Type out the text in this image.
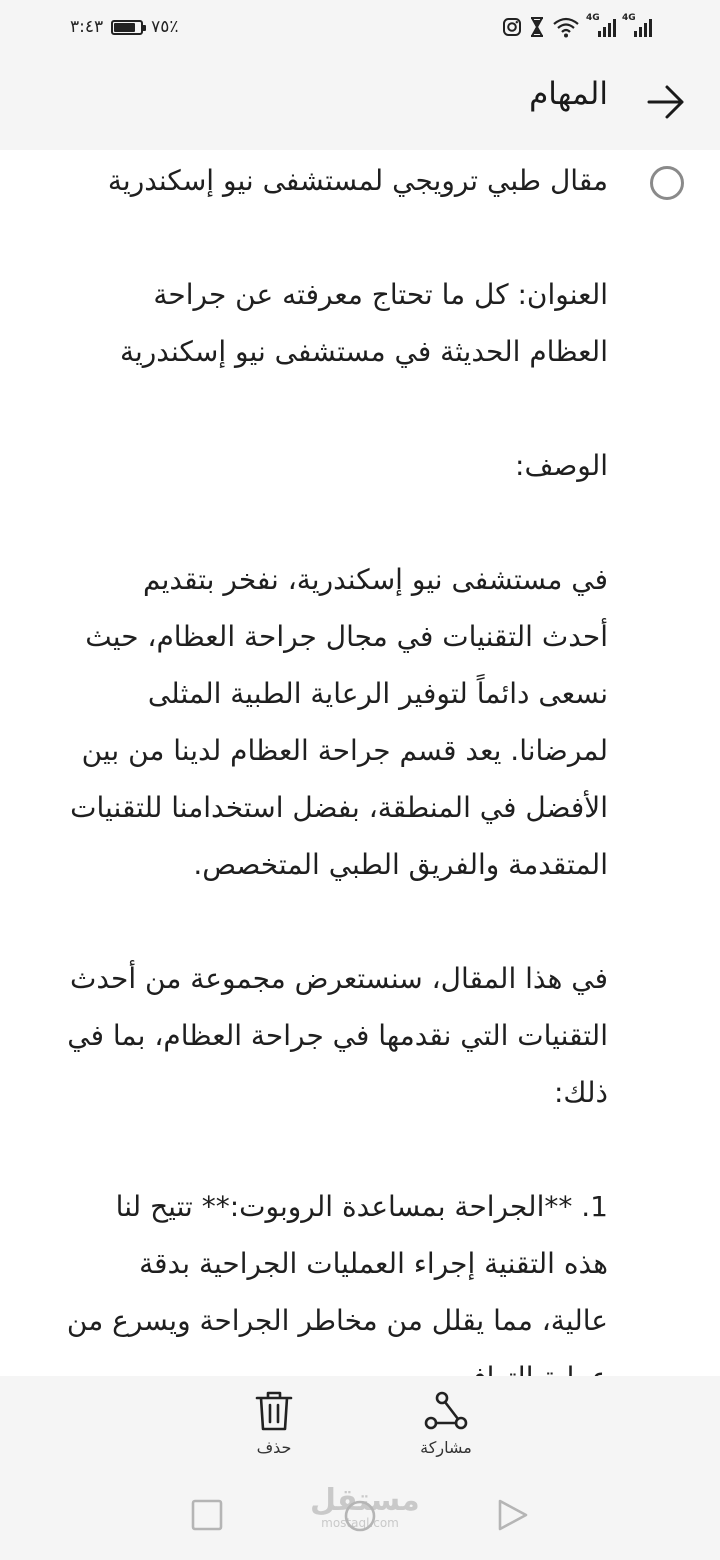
٣:٤٣	٧٥٪	4G 4G
المهام
مقال طبي ترويجي لمستشفى نيو إسكندرية

العنوان: كل ما تحتاج معرفته عن جراحة
العظام الحديثة في مستشفى نيو إسكندرية

الوصف:

في مستشفى نيو إسكندرية، نفخر بتقديم
أحدث التقنيات في مجال جراحة العظام، حيث
نسعى دائماً لتوفير الرعاية الطبية المثلى
لمرضانا. يعد قسم جراحة العظام لدينا من بين
الأفضل في المنطقة، بفضل استخدامنا للتقنيات
المتقدمة والفريق الطبي المتخصص.

في هذا المقال، سنستعرض مجموعة من أحدث
التقنيات التي نقدمها في جراحة العظام، بما في
ذلك:

1. **الجراحة بمساعدة الروبوت:** تتيح لنا
هذه التقنية إجراء العمليات الجراحية بدقة
عالية، مما يقلل من مخاطر الجراحة ويسرع من

حذف	مشاركة
مستقل
mostaql.com
